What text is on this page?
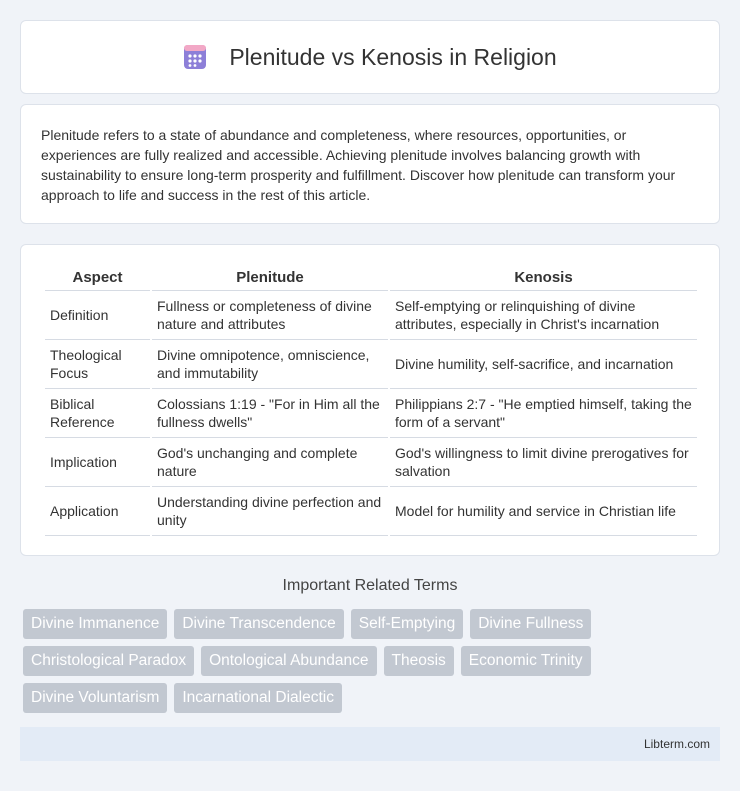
Plenitude vs Kenosis in Religion

Plenitude refers to a state of abundance and completeness, where resources, opportunities, or experiences are fully realized and accessible. Achieving plenitude involves balancing growth with sustainability to ensure long-term prosperity and fulfillment. Discover how plenitude can transform your approach to life and success in the rest of this article.

Aspect	Plenitude	Kenosis
Definition	Fullness or completeness of divine nature and attributes	Self-emptying or relinquishing of divine attributes, especially in Christ's incarnation
Theological Focus	Divine omnipotence, omniscience, and immutability	Divine humility, self-sacrifice, and incarnation
Biblical Reference	Colossians 1:19 - "For in Him all the fullness dwells"	Philippians 2:7 - "He emptied himself, taking the form of a servant"
Implication	God's unchanging and complete nature	God's willingness to limit divine prerogatives for salvation
Application	Understanding divine perfection and unity	Model for humility and service in Christian life
Important Related Terms
Divine Immanence	Divine Transcendence	Self-Emptying	Divine Fullness
Christological Paradox	Ontological Abundance	Theosis	Economic Trinity
Divine Voluntarism	Incarnational Dialectic
Libterm.com
